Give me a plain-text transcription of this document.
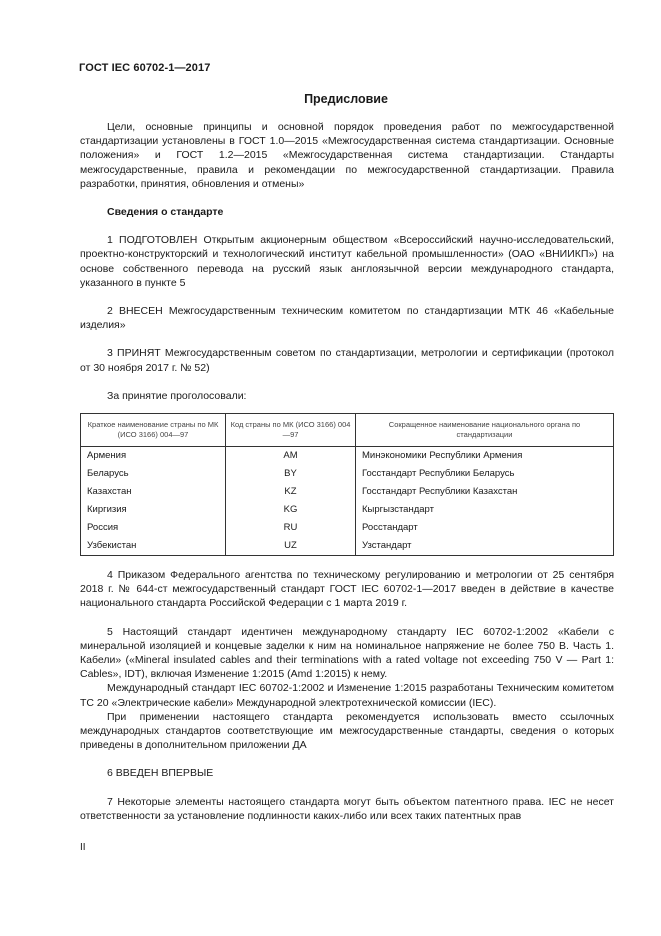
ГОСТ IEC 60702-1—2017
Предисловие

Цели, основные принципы и основной порядок проведения работ по межгосударственной стандартизации установлены в ГОСТ 1.0—2015 «Межгосударственная система стандартизации. Основные положения» и ГОСТ 1.2—2015 «Межгосударственная система стандартизации. Стандарты межгосударственные, правила и рекомендации по межгосударственной стандартизации. Правила разработки, принятия, обновления и отмены»

Сведения о стандарте

1 ПОДГОТОВЛЕН Открытым акционерным обществом «Всероссийский научно-исследовательский, проектно-конструкторский и технологический институт кабельной промышленности» (ОАО «ВНИИКП») на основе собственного перевода на русский язык англоязычной версии международного стандарта, указанного в пункте 5

2 ВНЕСЕН Межгосударственным техническим комитетом по стандартизации МТК 46 «Кабельные изделия»

3 ПРИНЯТ Межгосударственным советом по стандартизации, метрологии и сертификации (протокол от 30 ноября 2017 г. № 52)

За принятие проголосовали:

Краткое наименование страны по МК (ИСО 3166) 004—97	Код страны по МК (ИСО 3166) 004—97	Сокращенное наименование национального органа по стандартизации
Армения	AM	Минэкономики Республики Армения
Беларусь	BY	Госстандарт Республики Беларусь
Казахстан	KZ	Госстандарт Республики Казахстан
Киргизия	KG	Кыргызстандарт
Россия	RU	Росстандарт
Узбекистан	UZ	Узстандарт

4 Приказом Федерального агентства по техническому регулированию и метрологии от 25 сентября 2018 г. № 644-ст межгосударственный стандарт ГОСТ IEC 60702-1—2017 введен в действие в качестве национального стандарта Российской Федерации с 1 марта 2019 г.

5 Настоящий стандарт идентичен международному стандарту IEC 60702-1:2002 «Кабели с минеральной изоляцией и концевые заделки к ним на номинальное напряжение не более 750 В. Часть 1. Кабели» («Mineral insulated cables and their terminations with a rated voltage not exceeding 750 V — Part 1: Cables», IDT), включая Изменение 1:2015 (Amd 1:2015) к нему.

Международный стандарт IEC 60702-1:2002 и Изменение 1:2015 разработаны Техническим комитетом ТС 20 «Электрические кабели» Международной электротехнической комиссии (IEC).

При применении настоящего стандарта рекомендуется использовать вместо ссылочных международных стандартов соответствующие им межгосударственные стандарты, сведения о которых приведены в дополнительном приложении ДА

6 ВВЕДЕН ВПЕРВЫЕ

7 Некоторые элементы настоящего стандарта могут быть объектом патентного права. IEC не несет ответственности за установление подлинности каких-либо или всех таких патентных прав

II
